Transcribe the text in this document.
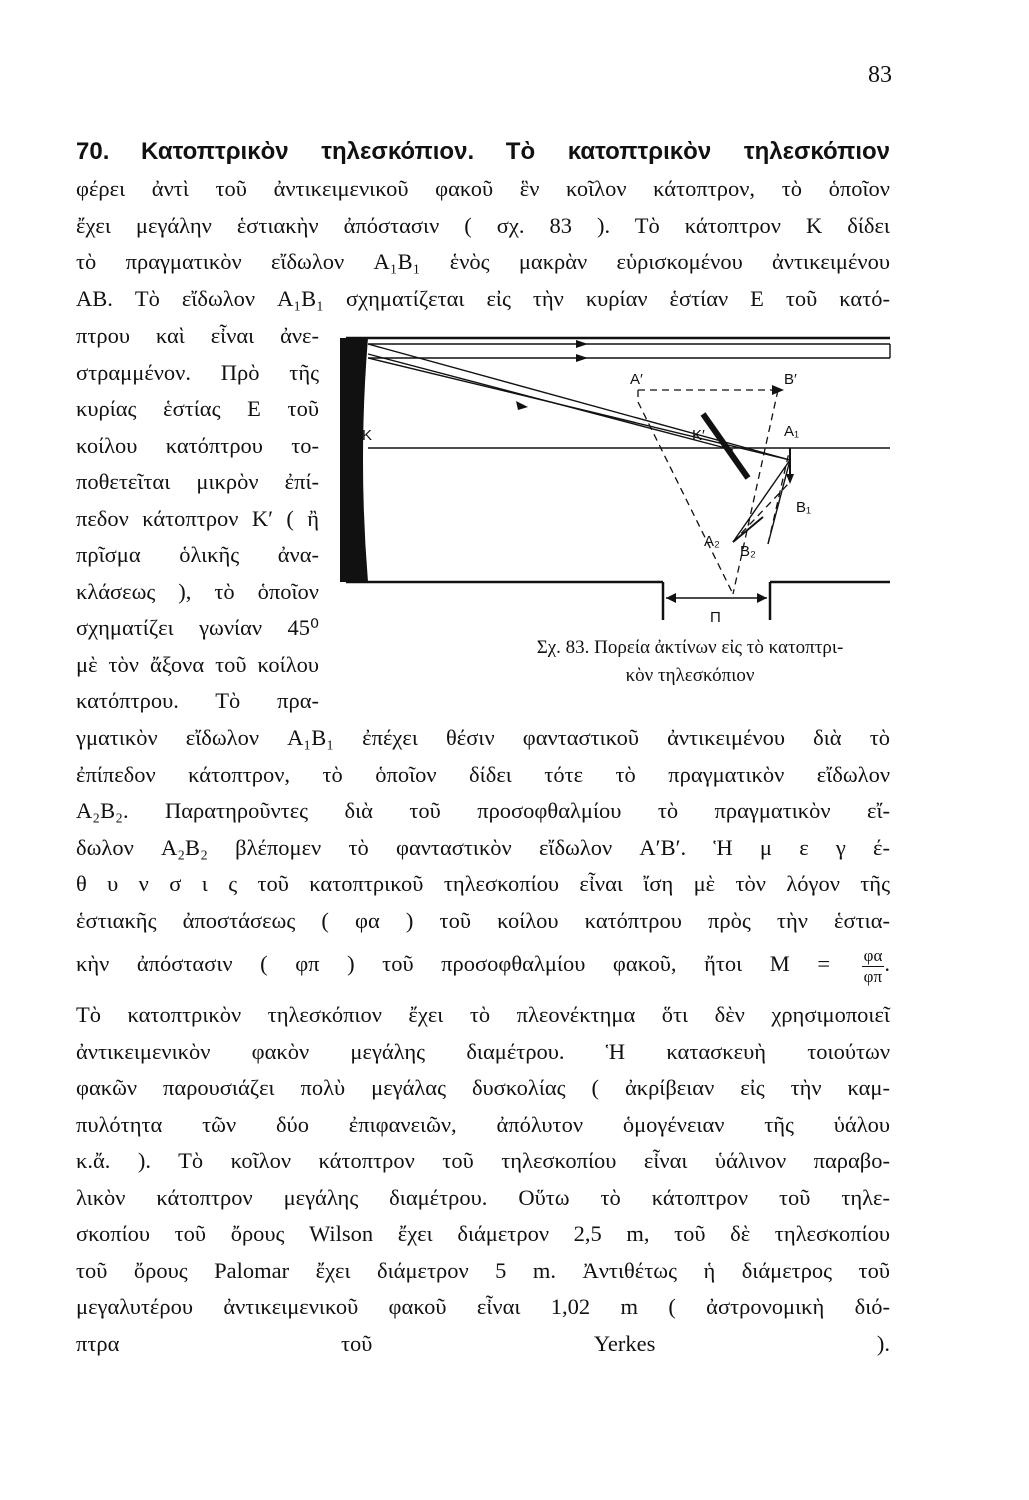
83
70. Κατοπτρικὸν τηλεσκόπιον. Τὸ κατοπτρικὸν τηλεσκόπιον
φέρει ἀντὶ τοῦ ἀντικειμενικοῦ φακοῦ ἓν κοῖλον κάτοπτρον, τὸ ὁποῖον
ἔχει μεγάλην ἑστιακὴν ἀπόστασιν ( σχ. 83 ). Τὸ κάτοπτρον Κ δίδει
τὸ πραγματικὸν εἴδωλον A₁B₁ ἑνὸς μακρὰν εὑρισκομένου ἀντικειμένου
AB. Τὸ εἴδωλον A₁B₁ σχηματίζεται εἰς τὴν κυρίαν ἑστίαν Ε τοῦ κατό-
πτρου καὶ εἶναι ἀνε-
στραμμένον. Πρὸ τῆς
κυρίας ἑστίας Ε τοῦ
κοίλου κατόπτρου το-
ποθετεῖται μικρὸν ἐπί-
πεδον κάτοπτρον Κ′ ( ἢ
πρῖσμα ὁλικῆς ἀνα-
κλάσεως ), τὸ ὁποῖον
σχηματίζει γωνίαν 45⁰
μὲ τὸν ἄξονα τοῦ κοίλου
κατόπτρου. Τὸ πρα-
γματικὸν εἴδωλον A₁B₁ ἐπέχει θέσιν φανταστικοῦ ἀντικειμένου διὰ τὸ
ἐπίπεδον κάτοπτρον, τὸ ὁποῖον δίδει τότε τὸ πραγματικὸν εἴδωλον
A₂B₂. Παρατηροῦντες διὰ τοῦ προσοφθαλμίου τὸ πραγματικὸν εἴ-
δωλον A₂B₂ βλέπομεν τὸ φανταστικὸν εἴδωλον A′B′. Ἡ μ ε γ έ-
θ υ ν σ ι ς τοῦ κατοπτρικοῦ τηλεσκοπίου εἶναι ἴση μὲ τὸν λόγον τῆς
ἑστιακῆς ἀποστάσεως ( φα ) τοῦ κοίλου κατόπτρου πρὸς τὴν ἑστια-
κὴν ἀπόστασιν ( φπ ) τοῦ προσοφθαλμίου φακοῦ, ἤτοι $M = \frac{\varphi\alpha}{\varphi\pi}$ .
Τὸ κατοπτρικὸν τηλεσκόπιον ἔχει τὸ πλεονέκτημα ὅτι δὲν χρησιμοποιεῖ
ἀντικειμενικὸν φακὸν μεγάλης διαμέτρου. Ἡ κατασκευὴ τοιούτων
φακῶν παρουσιάζει πολὺ μεγάλας δυσκολίας ( ἀκρίβειαν εἰς τὴν καμ-
πυλότητα τῶν δύο ἐπιφανειῶν, ἀπόλυτον ὁμογένειαν τῆς ὑάλου
κ.ἄ. ). Τὸ κοῖλον κάτοπτρον τοῦ τηλεσκοπίου εἶναι ὑάλινον παραβο-
λικὸν κάτοπτρον μεγάλης διαμέτρου. Οὕτω τὸ κάτοπτρον τοῦ τηλε-
σκοπίου τοῦ ὄρους Wilson ἔχει διάμετρον 2,5 m, τοῦ δὲ τηλεσκοπίου
τοῦ ὄρους Palomar ἔχει διάμετρον 5 m. Ἀντιθέτως ἡ διάμετρος τοῦ
μεγαλυτέρου ἀντικειμενικοῦ φακοῦ εἶναι 1,02 m ( ἀστρονομικὴ διό-
πτρα τοῦ Yerkes ).
K
A′	B′
K′	A₁
B₁
A₂
B₂
Π
Σχ. 83. Πορεία ἀκτίνων εἰς τὸ κατοπτρι-
κὸν τηλεσκόπιον
